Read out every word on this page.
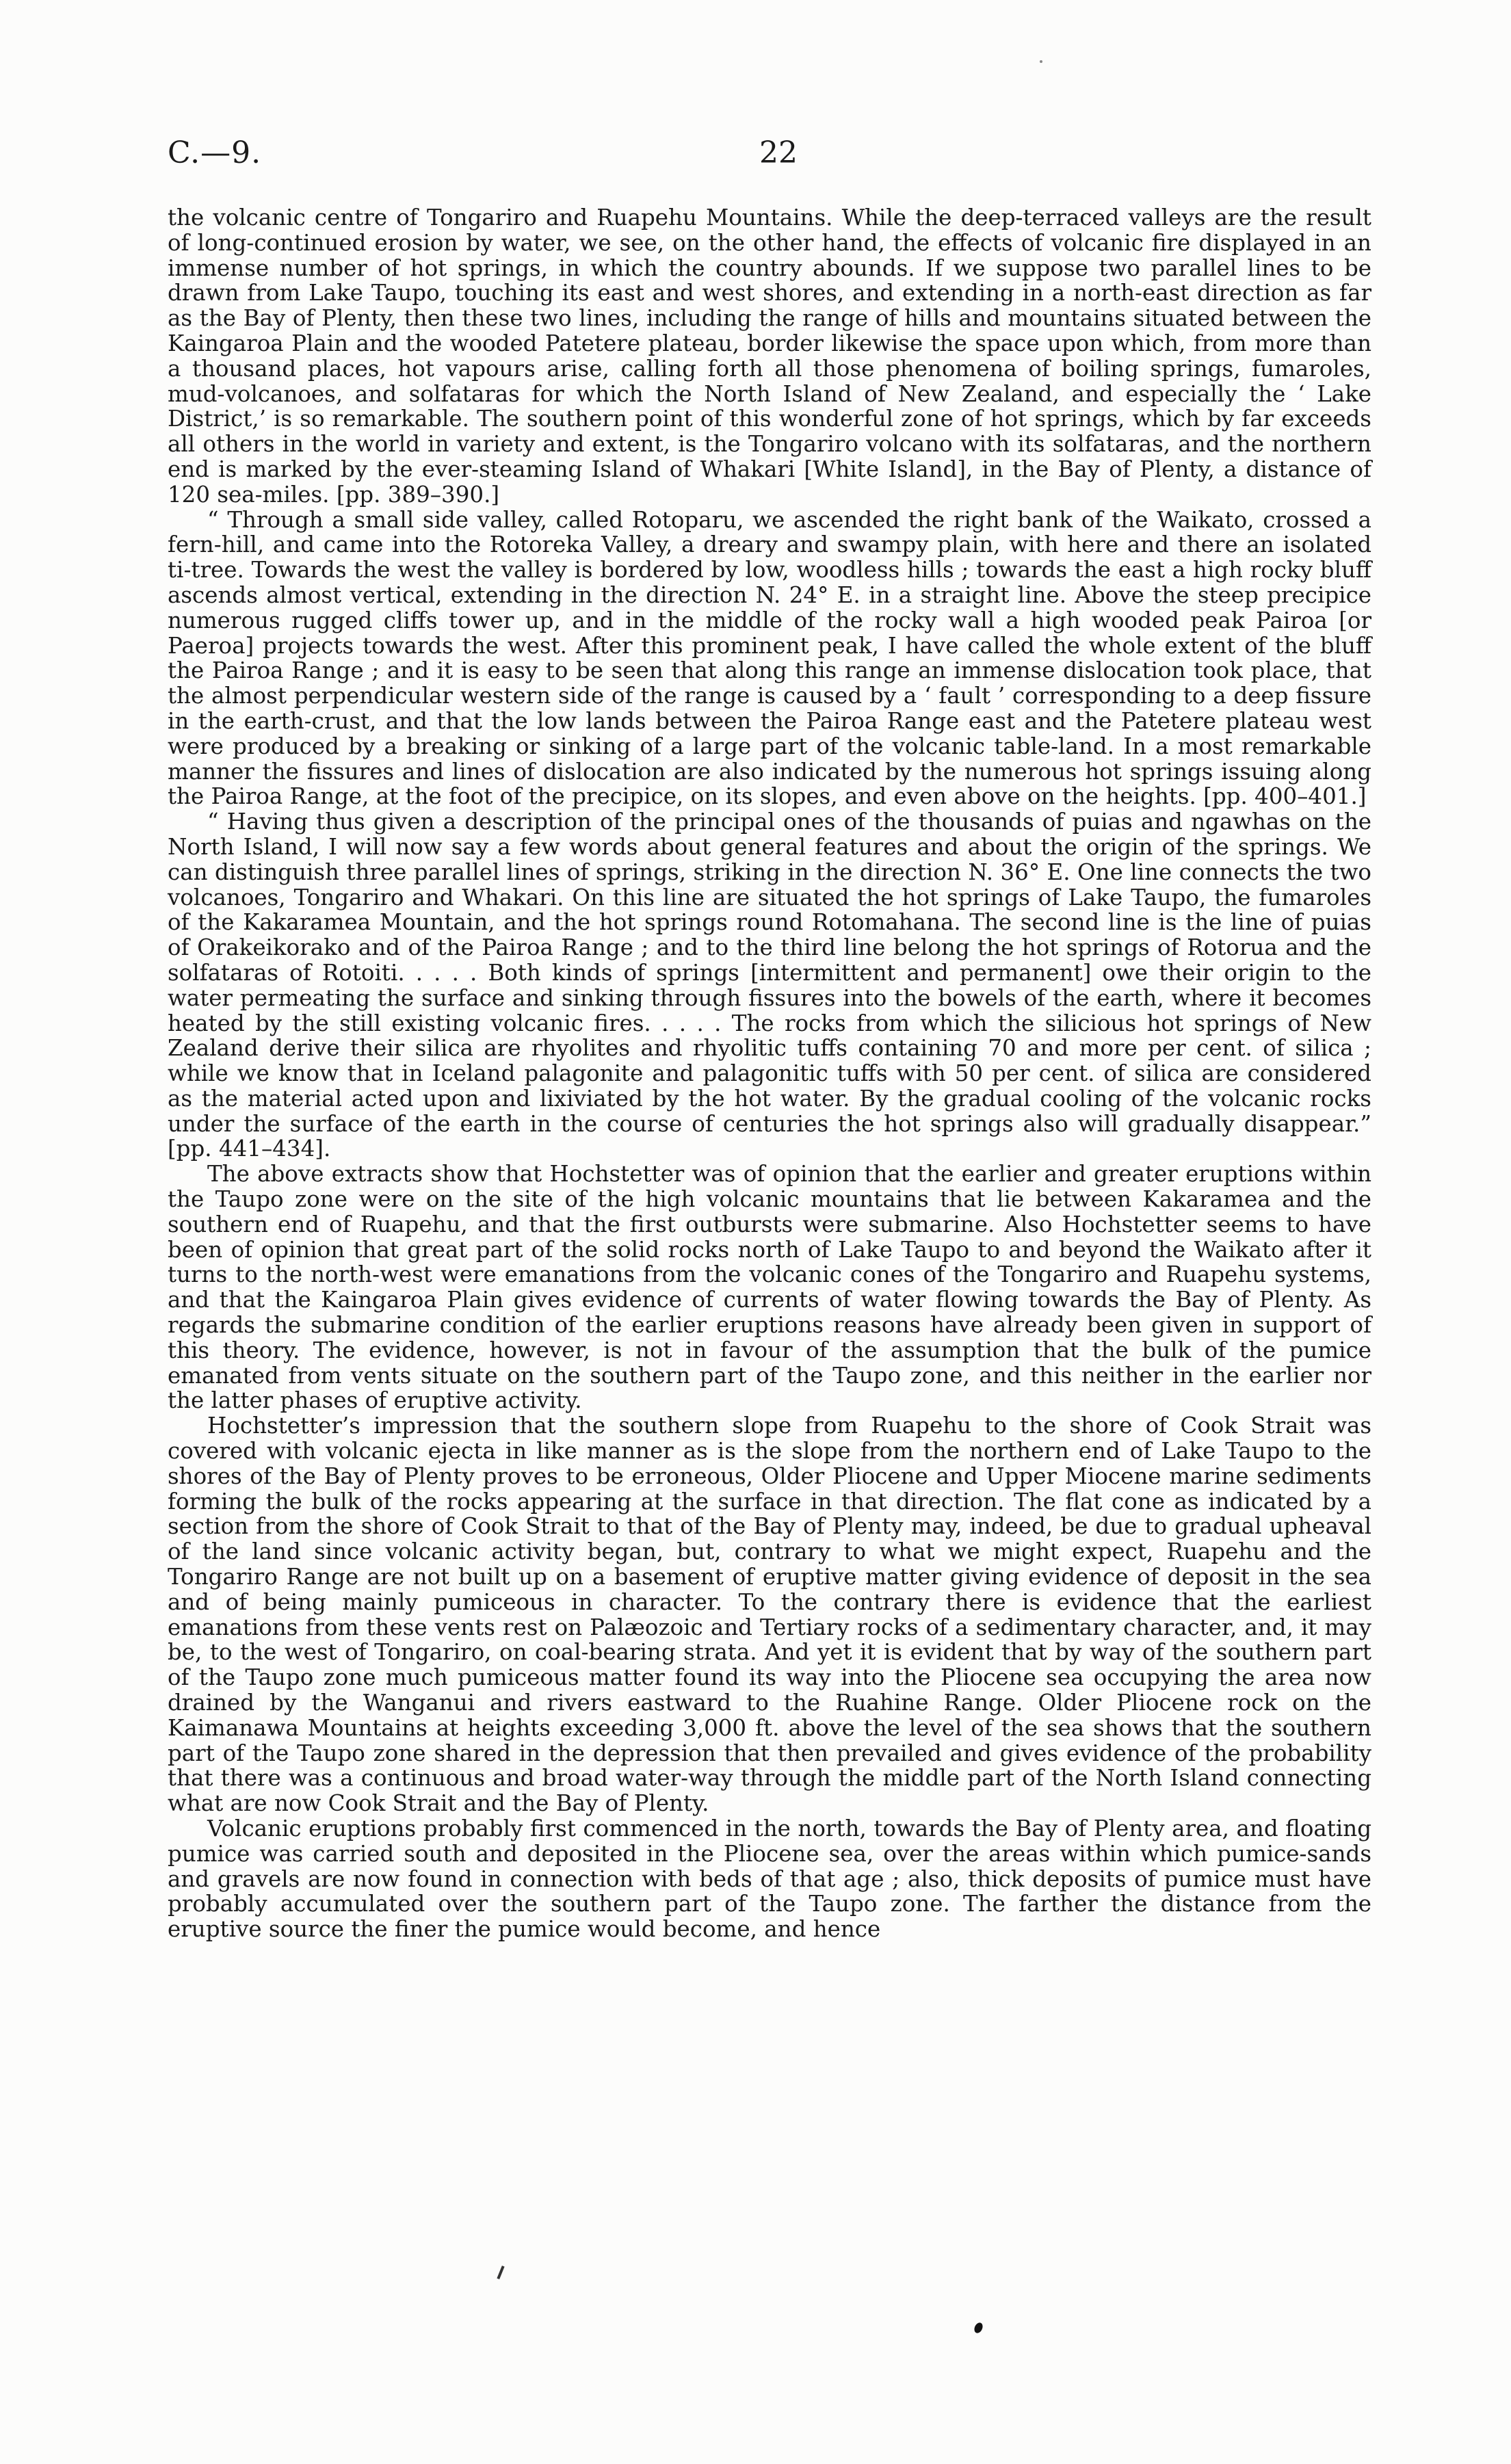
C.—9.	22

the volcanic centre of Tongariro and Ruapehu Mountains. While the deep-terraced valleys are the result of long-continued erosion by water, we see, on the other hand, the effects of volcanic fire displayed in an immense number of hot springs, in which the country abounds. If we suppose two parallel lines to be drawn from Lake Taupo, touching its east and west shores, and extending in a north-east direction as far as the Bay of Plenty, then these two lines, including the range of hills and mountains situated between the Kaingaroa Plain and the wooded Patetere plateau, border likewise the space upon which, from more than a thousand places, hot vapours arise, calling forth all those phenomena of boiling springs, fumaroles, mud-volcanoes, and solfataras for which the North Island of New Zealand, and especially the ‘ Lake District,’ is so remarkable. The southern point of this wonderful zone of hot springs, which by far exceeds all others in the world in variety and extent, is the Tongariro volcano with its solfataras, and the northern end is marked by the ever-steaming Island of Whakari [White Island], in the Bay of Plenty, a distance of 120 sea-miles. [pp. 389–390.]

“ Through a small side valley, called Rotoparu, we ascended the right bank of the Waikato, crossed a fern-hill, and came into the Rotoreka Valley, a dreary and swampy plain, with here and there an isolated ti-tree. Towards the west the valley is bordered by low, woodless hills ; towards the east a high rocky bluff ascends almost vertical, extending in the direction N. 24° E. in a straight line. Above the steep precipice numerous rugged cliffs tower up, and in the middle of the rocky wall a high wooded peak Pairoa [or Paeroa] projects towards the west. After this prominent peak, I have called the whole extent of the bluff the Pairoa Range ; and it is easy to be seen that along this range an immense dislocation took place, that the almost perpendicular western side of the range is caused by a ‘ fault ’ corresponding to a deep fissure in the earth-crust, and that the low lands between the Pairoa Range east and the Patetere plateau west were produced by a breaking or sinking of a large part of the volcanic table-land. In a most remarkable manner the fissures and lines of dislocation are also indicated by the numerous hot springs issuing along the Pairoa Range, at the foot of the precipice, on its slopes, and even above on the heights. [pp. 400–401.]

“ Having thus given a description of the principal ones of the thousands of puias and ngawhas on the North Island, I will now say a few words about general features and about the origin of the springs. We can distinguish three parallel lines of springs, striking in the direction N. 36° E. One line connects the two volcanoes, Tongariro and Whakari. On this line are situated the hot springs of Lake Taupo, the fumaroles of the Kakaramea Mountain, and the hot springs round Rotomahana. The second line is the line of puias of Orakeikorako and of the Pairoa Range ; and to the third line belong the hot springs of Rotorua and the solfataras of Rotoiti. . . . . Both kinds of springs [intermittent and permanent] owe their origin to the water permeating the surface and sinking through fissures into the bowels of the earth, where it becomes heated by the still existing volcanic fires. . . . . The rocks from which the silicious hot springs of New Zealand derive their silica are rhyolites and rhyolitic tuffs containing 70 and more per cent. of silica ; while we know that in Iceland palagonite and palagonitic tuffs with 50 per cent. of silica are considered as the material acted upon and lixiviated by the hot water. By the gradual cooling of the volcanic rocks under the surface of the earth in the course of centuries the hot springs also will gradually disappear.” [pp. 441–434].

The above extracts show that Hochstetter was of opinion that the earlier and greater eruptions within the Taupo zone were on the site of the high volcanic mountains that lie between Kakaramea and the southern end of Ruapehu, and that the first outbursts were submarine. Also Hochstetter seems to have been of opinion that great part of the solid rocks north of Lake Taupo to and beyond the Waikato after it turns to the north-west were emanations from the volcanic cones of the Tongariro and Ruapehu systems, and that the Kaingaroa Plain gives evidence of currents of water flowing towards the Bay of Plenty. As regards the submarine condition of the earlier eruptions reasons have already been given in support of this theory. The evidence, however, is not in favour of the assumption that the bulk of the pumice emanated from vents situate on the southern part of the Taupo zone, and this neither in the earlier nor the latter phases of eruptive activity.

Hochstetter’s impression that the southern slope from Ruapehu to the shore of Cook Strait was covered with volcanic ejecta in like manner as is the slope from the northern end of Lake Taupo to the shores of the Bay of Plenty proves to be erroneous, Older Pliocene and Upper Miocene marine sediments forming the bulk of the rocks appearing at the surface in that direction. The flat cone as indicated by a section from the shore of Cook Strait to that of the Bay of Plenty may, indeed, be due to gradual upheaval of the land since volcanic activity began, but, contrary to what we might expect, Ruapehu and the Tongariro Range are not built up on a basement of eruptive matter giving evidence of deposit in the sea and of being mainly pumiceous in character. To the contrary there is evidence that the earliest emanations from these vents rest on Palæozoic and Tertiary rocks of a sedimentary character, and, it may be, to the west of Tongariro, on coal-bearing strata. And yet it is evident that by way of the southern part of the Taupo zone much pumiceous matter found its way into the Pliocene sea occupying the area now drained by the Wanganui and rivers eastward to the Ruahine Range. Older Pliocene rock on the Kaimanawa Mountains at heights exceeding 3,000 ft. above the level of the sea shows that the southern part of the Taupo zone shared in the depression that then prevailed and gives evidence of the probability that there was a continuous and broad water-way through the middle part of the North Island connecting what are now Cook Strait and the Bay of Plenty.

Volcanic eruptions probably first commenced in the north, towards the Bay of Plenty area, and floating pumice was carried south and deposited in the Pliocene sea, over the areas within which pumice-sands and gravels are now found in connection with beds of that age ; also, thick deposits of pumice must have probably accumulated over the southern part of the Taupo zone. The farther the distance from the eruptive source the finer the pumice would become, and hence
